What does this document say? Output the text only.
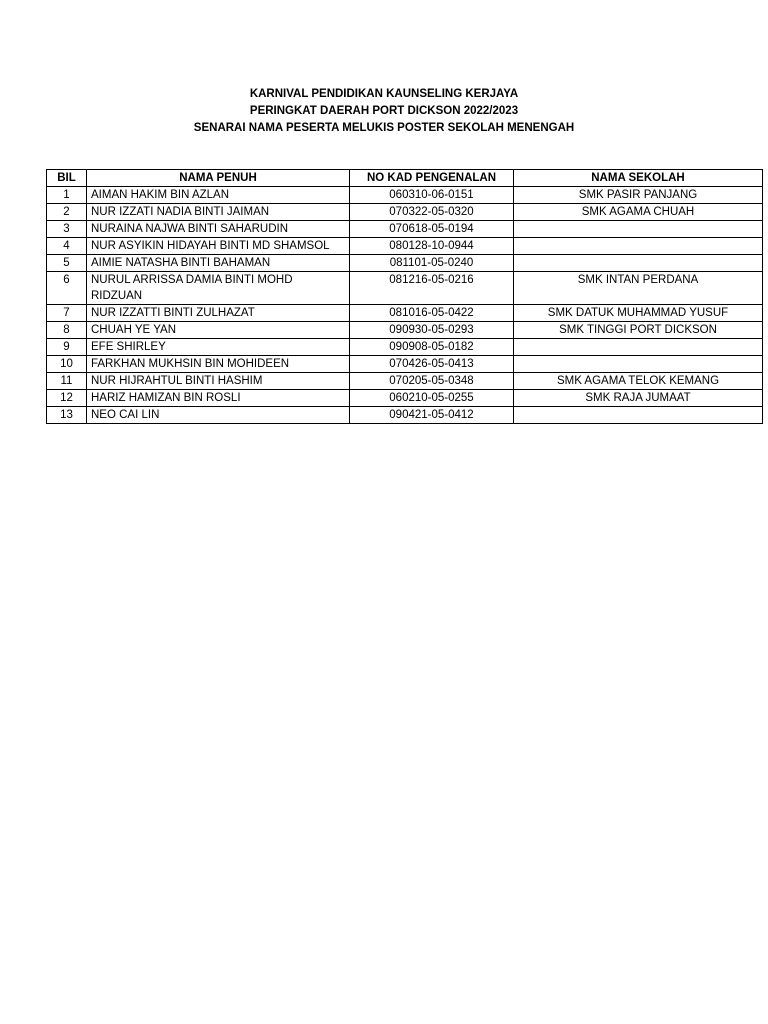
KARNIVAL PENDIDIKAN KAUNSELING KERJAYA
PERINGKAT DAERAH PORT DICKSON 2022/2023
SENARAI NAMA PESERTA MELUKIS POSTER SEKOLAH MENENGAH
BIL	NAMA PENUH	NO KAD PENGENALAN	NAMA SEKOLAH
1	AIMAN HAKIM BIN AZLAN	060310-06-0151	SMK PASIR PANJANG
2	NUR IZZATI NADIA BINTI JAIMAN	070322-05-0320	SMK AGAMA CHUAH
3	NURAINA NAJWA BINTI SAHARUDIN	070618-05-0194	
4	NUR ASYIKIN HIDAYAH BINTI MD SHAMSOL	080128-10-0944	
5	AIMIE NATASHA BINTI BAHAMAN	081101-05-0240	
6	NURUL ARRISSA DAMIA BINTI MOHD RIDZUAN	081216-05-0216	SMK INTAN PERDANA
7	NUR IZZATTI BINTI ZULHAZAT	081016-05-0422	SMK DATUK MUHAMMAD YUSUF
8	CHUAH YE YAN	090930-05-0293	SMK TINGGI PORT DICKSON
9	EFE SHIRLEY	090908-05-0182	
10	FARKHAN MUKHSIN BIN MOHIDEEN	070426-05-0413	
11	NUR HIJRAHTUL BINTI HASHIM	070205-05-0348	SMK AGAMA TELOK KEMANG
12	HARIZ HAMIZAN BIN ROSLI	060210-05-0255	SMK RAJA JUMAAT
13	NEO CAI LIN	090421-05-0412	
